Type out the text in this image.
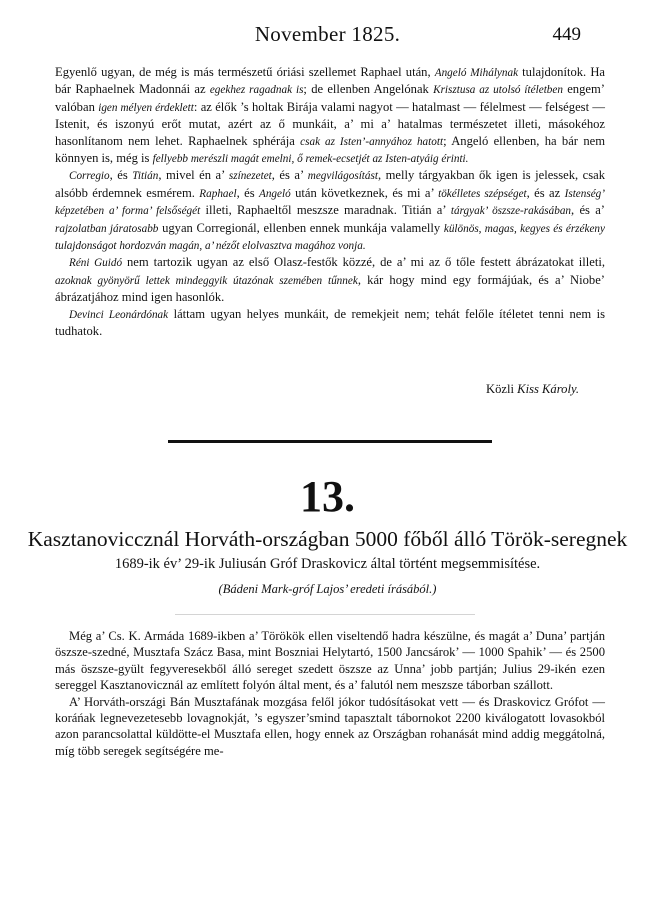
November 1825.	449

Egyenlő ugyan, de még is más természetű óriási szellemet Raphael után, Angeló Mihálynak tulajdonítok. Ha bár Raphaelnek Madonnái az egekhez ragadnak is; de ellenben Angelónak Krisztusa az utolsó ítéletben engem’ valóban igen mélyen érdeklett: az élők ’s holtak Birája valami nagyot — hatalmast — félelmest — felségest — Istenit, és iszonyú erőt mutat, azért az ő munkáit, a’ mi a’ hatalmas természetet illeti, másokéhoz hasonlítanom nem lehet. Raphaelnek sphérája csak az Isten’-annyához hatott; Angeló ellenben, ha bár nem könnyen is, még is fellyebb merészli magát emelni, ő remek-ecsetjét az Isten-atyáig érinti.

Corregio, és Titián, mivel én a’ színezetet, és a’ megvilágosítást, melly tárgyakban ők igen is jelessek, csak alsóbb érdemnek esmérem. Raphael, és Angeló után következnek, és mi a’ tökélletes szépséget, és az Istenség’ képzetében a’ forma’ felsőségét illeti, Raphaeltől meszsze maradnak. Titián a’ tárgyak’ öszsze-rakásában, és a’ rajzolatban járatosabb ugyan Corregionál, ellenben ennek munkája valamelly különös, magas, kegyes és érzékeny tulajdonságot hordozván magán, a’ nézőt elolvasztva magához vonja.

Réni Guidó nem tartozik ugyan az első Olasz-festők közzé, de a’ mi az ő tőle festett ábrázatokat illeti, azoknak gyönyörű lettek mindeggyik útazónak szemében tűnnek, kár hogy mind egy formájúak, és a’ Niobe’ ábrázatjához mind igen hasonlók.

Devinci Leonárdónak láttam ugyan helyes munkáit, de remekjeit nem; tehát felőle ítéletet tenni nem is tudhatok.

Közli Kiss Károly.
13.
Kasztanoviccznál Horváth-országban 5000 főből álló Török-seregnek
1689-ik év’ 29-ik Juliusán Gróf Draskovicz által történt megsemmisítése.
(Bádeni Mark-gróf Lajos’ eredeti írásából.)

Még a’ Cs. K. Armáda 1689-ikben a’ Törökök ellen viseltendő hadra készülne, és magát a’ Duna’ partján öszsze-szedné, Musztafa Szácz Basa, mint Boszniai Helytartó, 1500 Jancsárok’ — 1000 Spahik’ — és 2500 más öszsze-gyült fegyveresekből álló sereget szedett öszsze az Unna’ jobb partján; Julius 29-ikén ezen sereggel Kasztanovicznál az említett folyón által ment, és a’ falutól nem meszsze táborban szállott.

A’ Horváth-országi Bán Musztafának mozgása felől jókor tudósításokat vett — és Draskovicz Grófot — koráńak legnevezetesebb lovagnokját, ’s egyszer’smind tapasztalt tábornokot 2200 kiválogatott lovasokból azon parancsolattal küldötte-el Musztafa ellen, hogy ennek az Országban rohanását mind addig meggátolná, míg több seregek segítségére me-
